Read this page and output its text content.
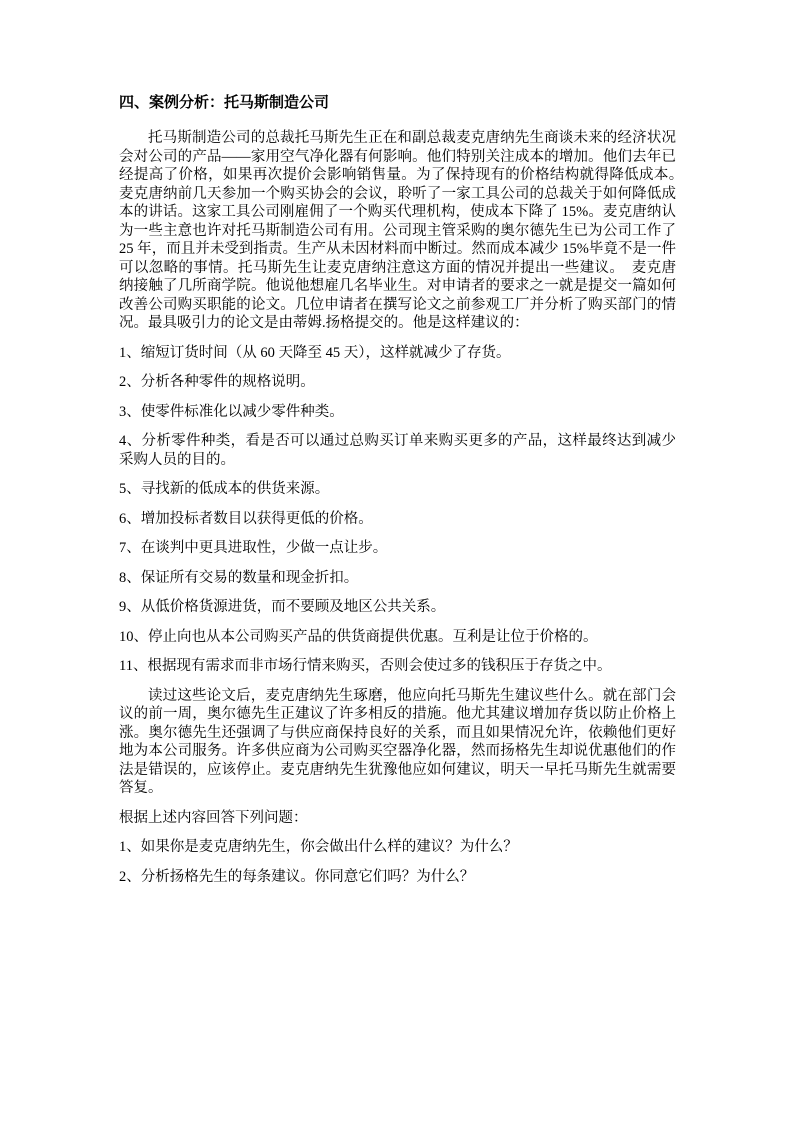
四、案例分析：托马斯制造公司

托马斯制造公司的总裁托马斯先生正在和副总裁麦克唐纳先生商谈未来的经济状况会对公司的产品——家用空气净化器有何影响。他们特别关注成本的增加。他们去年已经提高了价格，如果再次提价会影响销售量。为了保持现有的价格结构就得降低成本。　麦克唐纳前几天参加一个购买协会的会议，聆听了一家工具公司的总裁关于如何降低成本的讲话。这家工具公司刚雇佣了一个购买代理机构，使成本下降了 15%。麦克唐纳认为一些主意也许对托马斯制造公司有用。公司现主管采购的奥尔德先生已为公司工作了 25 年，而且并未受到指责。生产从未因材料而中断过。然而成本减少 15%毕竟不是一件可以忽略的事情。托马斯先生让麦克唐纳注意这方面的情况并提出一些建议。　麦克唐纳接触了几所商学院。他说他想雇几名毕业生。对申请者的要求之一就是提交一篇如何改善公司购买职能的论文。几位申请者在撰写论文之前参观工厂并分析了购买部门的情况。最具吸引力的论文是由蒂姆.扬格提交的。他是这样建议的：

1、缩短订货时间（从 60 天降至 45 天），这样就减少了存货。

2、分析各种零件的规格说明。

3、使零件标准化以减少零件种类。

4、分析零件种类，看是否可以通过总购买订单来购买更多的产品，这样最终达到减少采购人员的目的。

5、寻找新的低成本的供货来源。

6、增加投标者数目以获得更低的价格。

7、在谈判中更具进取性，少做一点让步。

8、保证所有交易的数量和现金折扣。

9、从低价格货源进货，而不要顾及地区公共关系。

10、停止向也从本公司购买产品的供货商提供优惠。互利是让位于价格的。

11、根据现有需求而非市场行情来购买，否则会使过多的钱积压于存货之中。

读过这些论文后，麦克唐纳先生琢磨，他应向托马斯先生建议些什么。就在部门会议的前一周，奥尔德先生正建议了许多相反的措施。他尤其建议增加存货以防止价格上涨。奥尔德先生还强调了与供应商保持良好的关系，而且如果情况允许，依赖他们更好地为本公司服务。许多供应商为公司购买空器净化器，然而扬格先生却说优惠他们的作法是错误的，应该停止。麦克唐纳先生犹豫他应如何建议，明天一早托马斯先生就需要答复。

根据上述内容回答下列问题：

1、如果你是麦克唐纳先生，你会做出什么样的建议？为什么？

2、分析扬格先生的每条建议。你同意它们吗？为什么？
